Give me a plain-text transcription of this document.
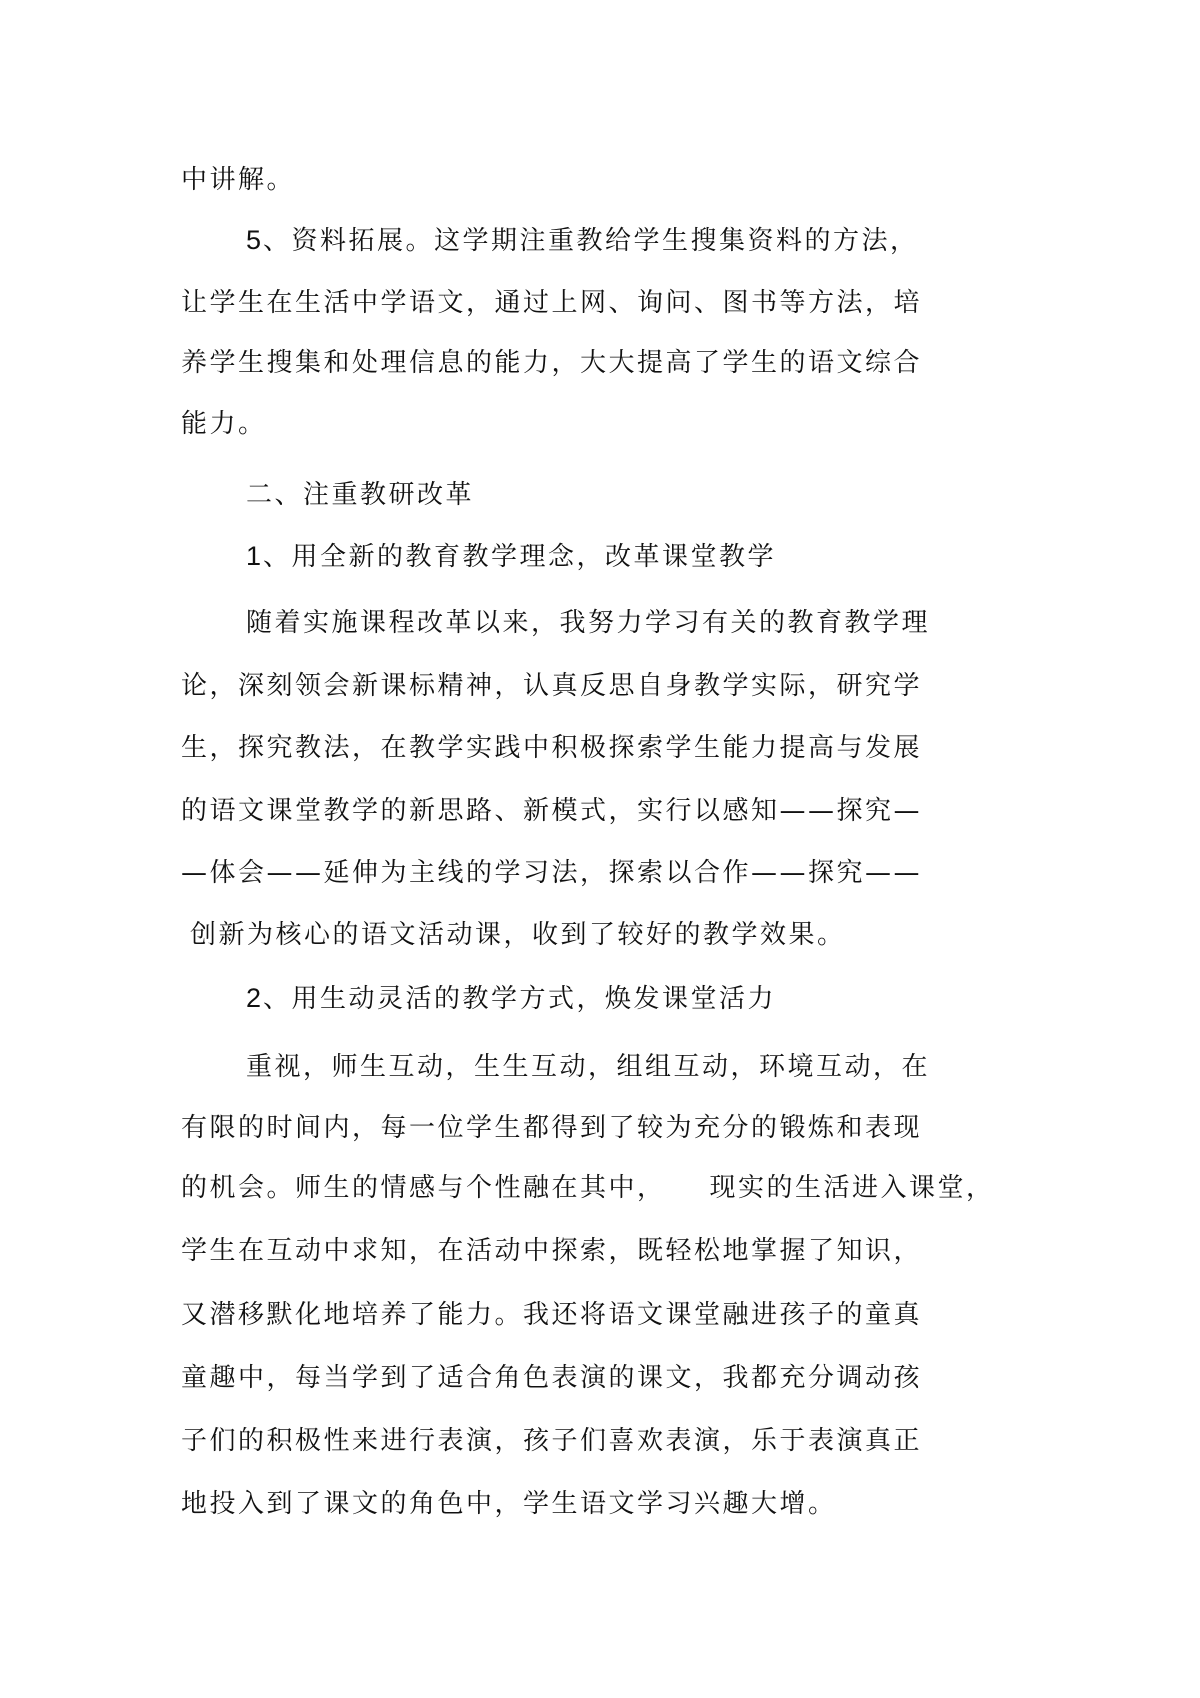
中讲解。
5、资料拓展。这学期注重教给学生搜集资料的方法，
让学生在生活中学语文，通过上网、询问、图书等方法，培
养学生搜集和处理信息的能力，大大提高了学生的语文综合
能力。
二、注重教研改革
1、用全新的教育教学理念，改革课堂教学
随着实施课程改革以来，我努力学习有关的教育教学理
论，深刻领会新课标精神，认真反思自身教学实际，研究学
生，探究教法，在教学实践中积极探索学生能力提高与发展
的语文课堂教学的新思路、新模式，实行以感知——探究—
—体会——延伸为主线的学习法，探索以合作——探究——
创新为核心的语文活动课，收到了较好的教学效果。
2、用生动灵活的教学方式，焕发课堂活力
重视，师生互动，生生互动，组组互动，环境互动，在
有限的时间内，每一位学生都得到了较为充分的锻炼和表现
的机会。师生的情感与个性融在其中，　　现实的生活进入课堂，
学生在互动中求知，在活动中探索，既轻松地掌握了知识，
又潜移默化地培养了能力。我还将语文课堂融进孩子的童真
童趣中，每当学到了适合角色表演的课文，我都充分调动孩
子们的积极性来进行表演，孩子们喜欢表演，乐于表演真正
地投入到了课文的角色中，学生语文学习兴趣大增。
